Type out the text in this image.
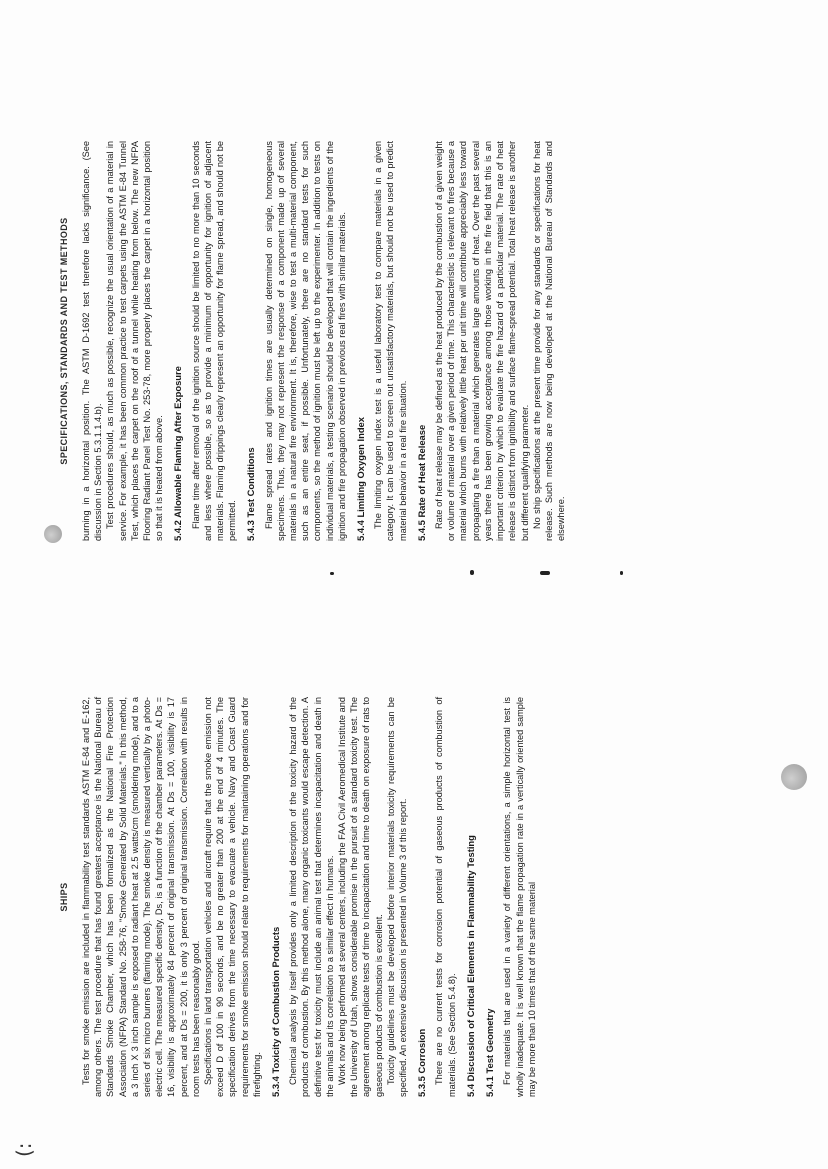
(:
SHIPS Tests for smoke emission are included in flammability test standards ASTM E-84 and E-162, among others. The test procedure that has found greatest acceptance is the National Bureau of Standards Smoke Chamber, which has been formalized as the National Fire Protection Association (NFPA) Standard No. 258-76, "Smoke Generated by Solid Materials." In this method, a 3 inch X 3 inch sample is exposed to radiant heat at 2.5 watts/cm (smoldering mode), and to a series of six micro burners (flaming mode). The smoke density is measured vertically by a photo-electric cell. The measured specific density, Ds, is a function of the chamber parameters. At Ds = 16, visibility is approximately 84 percent of original transmission. At Ds = 100, visibility is 17 percent, and at Ds = 200, it is only 3 percent of original transmission. Correlation with results in room tests has been reasonably good. Specifications in land transportation vehicles and aircraft require that the smoke emission not exceed D of 100 in 90 seconds, and be no greater than 200 at the end of 4 minutes. The specification derives from the time necessary to evacuate a vehicle. Navy and Coast Guard requirements for smoke emission should relate to requirements for maintaining operations and for firefighting. 5.3.4 Toxicity of Combustion Products Chemical analysis by itself provides only a limited description of the toxicity hazard of the products of combustion. By this method alone, many organic toxicants would escape detection. A definitive test for toxicity must include an animal test that determines incapacitation and death in the animals and its correlation to a similar effect in humans. Work now being performed at several centers, including the FAA Civil Aeromedical Institute and the University of Utah, shows considerable promise in the pursuit of a standard toxicity test. The agreement among replicate tests of time to incapacitation and time to death on exposure of rats to gaseous products of combustion is excellent. Toxicity guidelines must be developed before interior materials toxicity requirements can be specified. An extensive discussion is presented in Volume 3 of this report. 5.3.5 Corrosion There are no current tests for corrosion potential of gaseous products of combustion of materials. (See Section 5.4.8). 5.4 Discussion of Critical Elements in Flammability Testing 5.4.1 Test Geometry For materials that are used in a variety of different orientations, a simple horizontal test is wholly inadequate. It is well known that the flame propagation rate in a vertically oriented sample may be more than 10 times that of the same material

SPECIFICATIONS, STANDARDS AND TEST METHODS burning in a horizontal position. The ASTM D-1692 test therefore lacks significance. (See discussion in Section 5.3.1.1.4.b). Test procedures should, as much as possible, recognize the usual orientation of a material in service. For example, it has been common practice to test carpets using the ASTM E-84 Tunnel Test, which places the carpet on the roof of a tunnel while heating from below. The new NFPA Flooring Radiant Panel Test No. 253-78, more properly places the carpet in a horizontal position so that it is heated from above. 5.4.2 Allowable Flaming After Exposure Flame time after removal of the ignition source should be limited to no more than 10 seconds and less where possible, so as to provide a minimum of opportunity for ignition of adjacent materials. Flaming drippings clearly represent an opportunity for flame spread, and should not be permitted. 5.4.3 Test Conditions Flame spread rates and ignition times are usually determined on single, homogeneous specimens. Thus, they may not represent the response of a component made up of several materials in a natural fire environment. It is, therefore, wise to test a multi-material component, such as an entire seat, if possible. Unfortunately, there are no standard tests for such components, so the method of ignition must be left up to the experimenter. In addition to tests on individual materials, a testing scenario should be developed that will contain the ingredients of the ignition and fire propagation observed in previous real fires with similar materials. 5.4.4 Limiting Oxygen Index The limiting oxygen index test is a useful laboratory test to compare materials in a given category. It can be used to screen out unsatisfactory materials, but should not be used to predict material behavior in a real fire situation. 5.4.5 Rate of Heat Release Rate of heat release may be defined as the heat produced by the combustion of a given weight or volume of material over a given period of time. This characteristic is relevant to fires because a material which burns with relatively little heat per unit time will contribute appreciably less toward propagating a fire than a material which generates large amounts of heat. Over the past several years there has been growing acceptance among those working in the fire field that this is an important criterion by which to evaluate the fire hazard of a particular material. The rate of heat release is distinct from ignitibility and surface flame-spread potential. Total heat release is another but different qualifying parameter. No ship specifications at the present time provide for any standards or specifications for heat release. Such methods are now being developed at the National Bureau of Standards and elsewhere.
